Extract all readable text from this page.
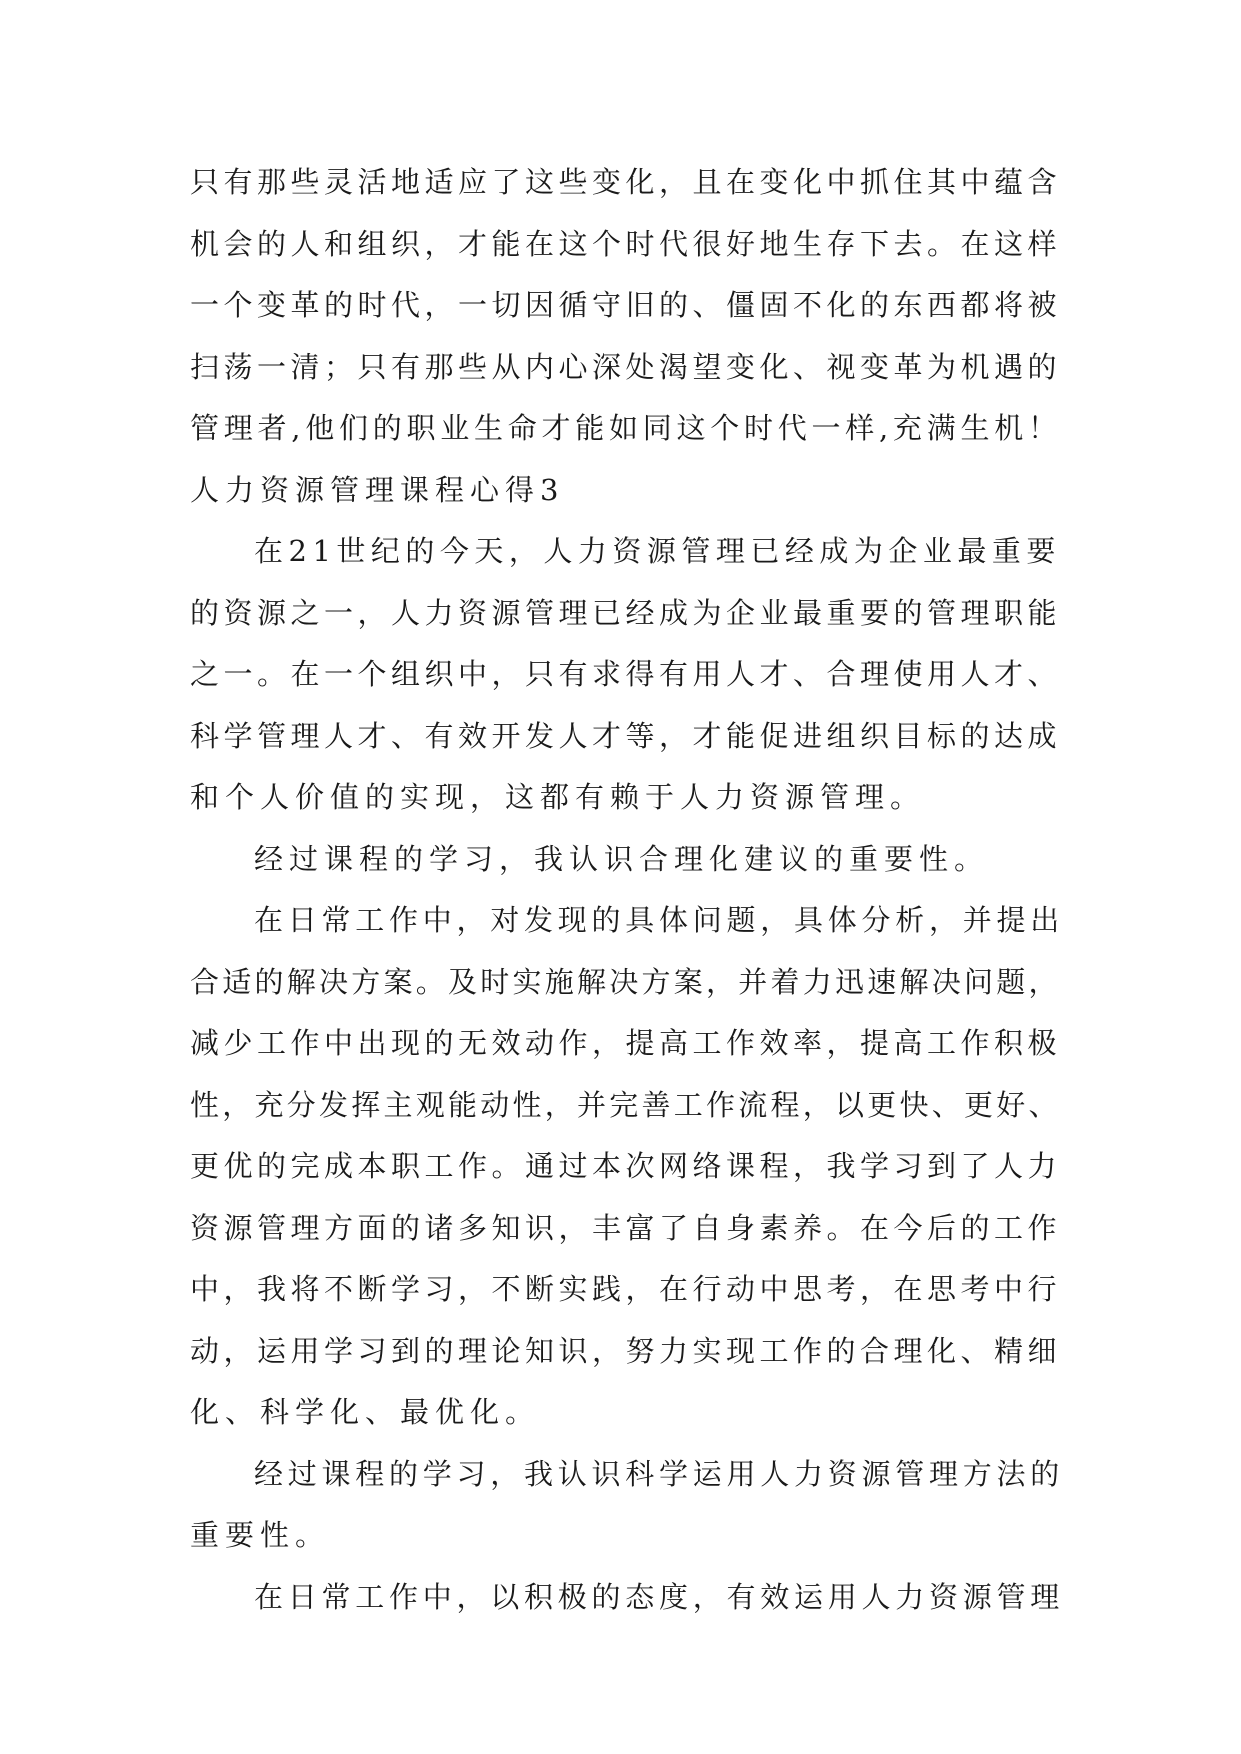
只有那些灵活地适应了这些变化，且在变化中抓住其中蕴含
机会的人和组织，才能在这个时代很好地生存下去。在这样
一个变革的时代，一切因循守旧的、僵固不化的东西都将被
扫荡一清；只有那些从内心深处渴望变化、视变革为机遇的
管理者,他们的职业生命才能如同这个时代一样,充满生机！
人力资源管理课程心得3
在21世纪的今天，人力资源管理已经成为企业最重要
的资源之一，人力资源管理已经成为企业最重要的管理职能
之一。在一个组织中，只有求得有用人才、合理使用人才、
科学管理人才、有效开发人才等，才能促进组织目标的达成
和个人价值的实现，这都有赖于人力资源管理。
经过课程的学习，我认识合理化建议的重要性。
在日常工作中，对发现的具体问题，具体分析，并提出
合适的解决方案。及时实施解决方案，并着力迅速解决问题，
减少工作中出现的无效动作，提高工作效率，提高工作积极
性，充分发挥主观能动性，并完善工作流程，以更快、更好、
更优的完成本职工作。通过本次网络课程，我学习到了人力
资源管理方面的诸多知识，丰富了自身素养。在今后的工作
中，我将不断学习，不断实践，在行动中思考，在思考中行
动，运用学习到的理论知识，努力实现工作的合理化、精细
化、科学化、最优化。
经过课程的学习，我认识科学运用人力资源管理方法的
重要性。
在日常工作中，以积极的态度，有效运用人力资源管理
